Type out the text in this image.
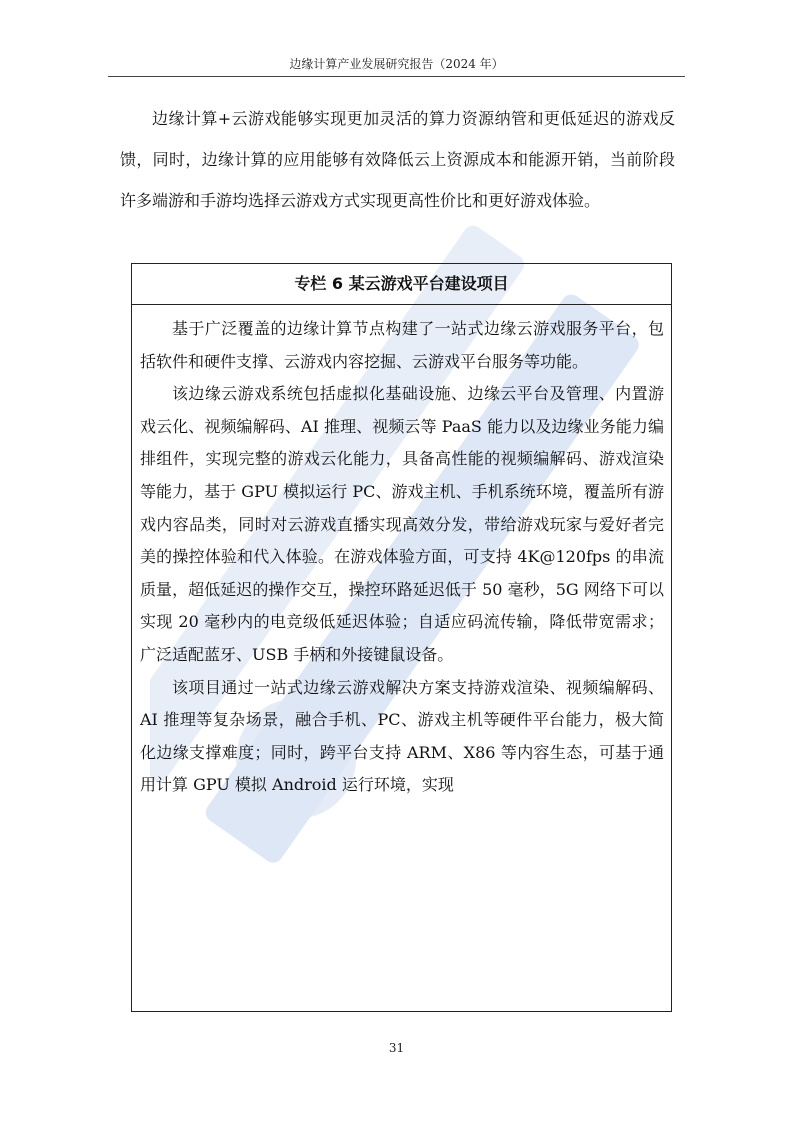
边缘计算产业发展研究报告（2024 年）

边缘计算+云游戏能够实现更加灵活的算力资源纳管和更低延迟的游戏反馈，同时，边缘计算的应用能够有效降低云上资源成本和能源开销，当前阶段许多端游和手游均选择云游戏方式实现更高性价比和更好游戏体验。

专栏 6 某云游戏平台建设项目

基于广泛覆盖的边缘计算节点构建了一站式边缘云游戏服务平台，包括软件和硬件支撑、云游戏内容挖掘、云游戏平台服务等功能。

该边缘云游戏系统包括虚拟化基础设施、边缘云平台及管理、内置游戏云化、视频编解码、AI 推理、视频云等 PaaS 能力以及边缘业务能力编排组件，实现完整的游戏云化能力，具备高性能的视频编解码、游戏渲染等能力，基于 GPU 模拟运行 PC、游戏主机、手机系统环境，覆盖所有游戏内容品类，同时对云游戏直播实现高效分发，带给游戏玩家与爱好者完美的操控体验和代入体验。在游戏体验方面，可支持 4K@120fps 的串流质量，超低延迟的操作交互，操控环路延迟低于 50 毫秒，5G 网络下可以实现 20 毫秒内的电竞级低延迟体验；自适应码流传输，降低带宽需求；广泛适配蓝牙、USB 手柄和外接键鼠设备。

该项目通过一站式边缘云游戏解决方案支持游戏渲染、视频编解码、AI 推理等复杂场景，融合手机、PC、游戏主机等硬件平台能力，极大简化边缘支撑难度；同时，跨平台支持 ARM、X86 等内容生态，可基于通用计算 GPU 模拟 Android 运行环境，实现

31
